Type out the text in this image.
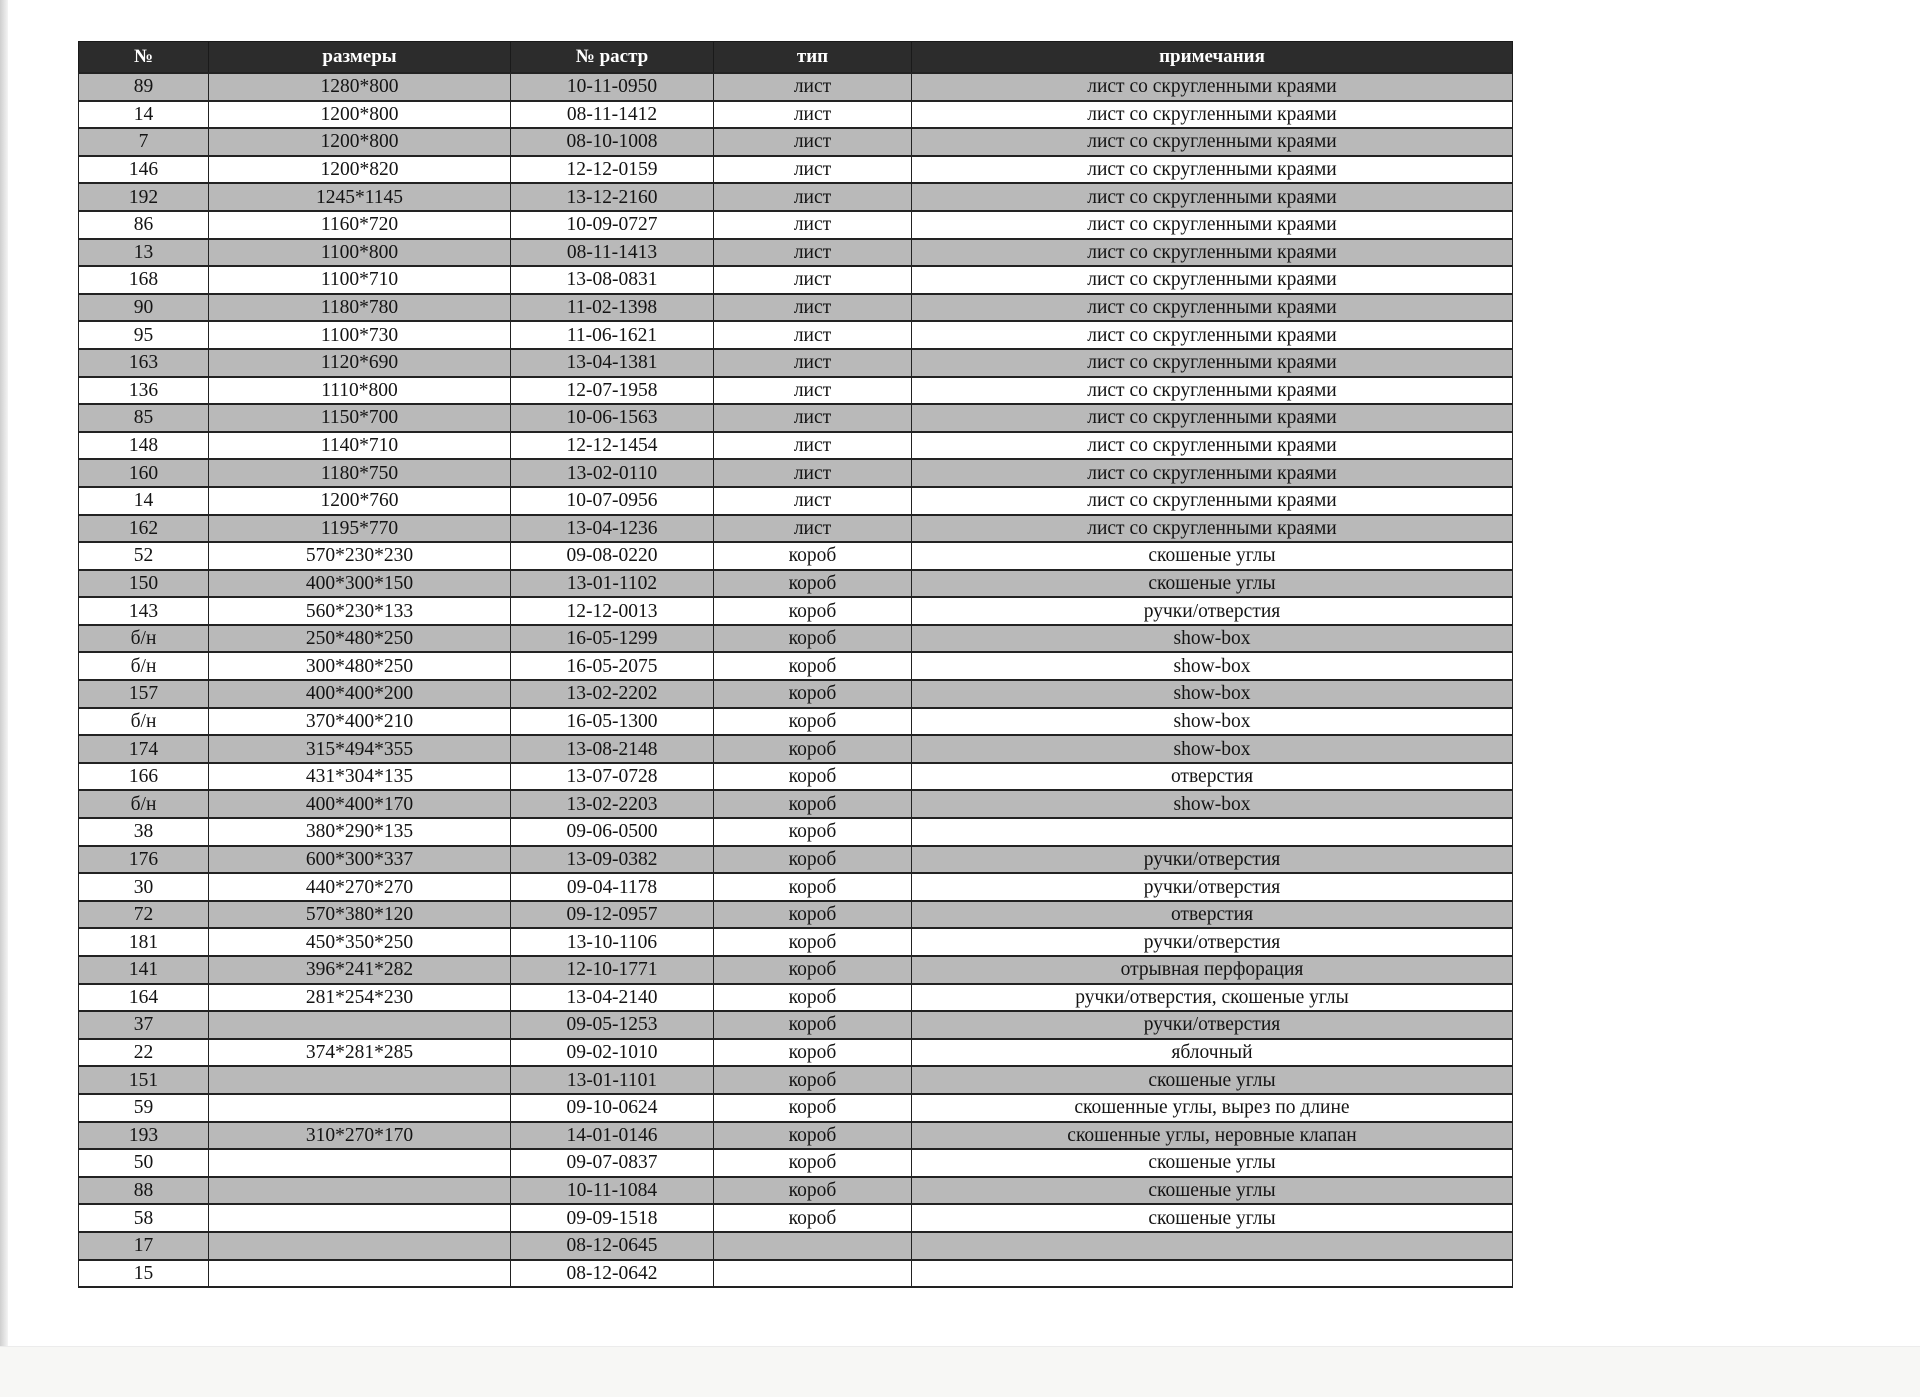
№	размеры	№ растр	тип	примечания
89	1280*800	10-11-0950	лист	лист со скругленными краями
14	1200*800	08-11-1412	лист	лист со скругленными краями
7	1200*800	08-10-1008	лист	лист со скругленными краями
146	1200*820	12-12-0159	лист	лист со скругленными краями
192	1245*1145	13-12-2160	лист	лист со скругленными краями
86	1160*720	10-09-0727	лист	лист со скругленными краями
13	1100*800	08-11-1413	лист	лист со скругленными краями
168	1100*710	13-08-0831	лист	лист со скругленными краями
90	1180*780	11-02-1398	лист	лист со скругленными краями
95	1100*730	11-06-1621	лист	лист со скругленными краями
163	1120*690	13-04-1381	лист	лист со скругленными краями
136	1110*800	12-07-1958	лист	лист со скругленными краями
85	1150*700	10-06-1563	лист	лист со скругленными краями
148	1140*710	12-12-1454	лист	лист со скругленными краями
160	1180*750	13-02-0110	лист	лист со скругленными краями
14	1200*760	10-07-0956	лист	лист со скругленными краями
162	1195*770	13-04-1236	лист	лист со скругленными краями
52	570*230*230	09-08-0220	короб	скошеные углы
150	400*300*150	13-01-1102	короб	скошеные углы
143	560*230*133	12-12-0013	короб	ручки/отверстия
б/н	250*480*250	16-05-1299	короб	show-box
б/н	300*480*250	16-05-2075	короб	show-box
157	400*400*200	13-02-2202	короб	show-box
б/н	370*400*210	16-05-1300	короб	show-box
174	315*494*355	13-08-2148	короб	show-box
166	431*304*135	13-07-0728	короб	отверстия
б/н	400*400*170	13-02-2203	короб	show-box
38	380*290*135	09-06-0500	короб	
176	600*300*337	13-09-0382	короб	ручки/отверстия
30	440*270*270	09-04-1178	короб	ручки/отверстия
72	570*380*120	09-12-0957	короб	отверстия
181	450*350*250	13-10-1106	короб	ручки/отверстия
141	396*241*282	12-10-1771	короб	отрывная перфорация
164	281*254*230	13-04-2140	короб	ручки/отверстия, скошеные углы
37		09-05-1253	короб	ручки/отверстия
22	374*281*285	09-02-1010	короб	яблочный
151		13-01-1101	короб	скошеные углы
59		09-10-0624	короб	скошенные углы, вырез по длине
193	310*270*170	14-01-0146	короб	скошенные углы, неровные клапан
50		09-07-0837	короб	скошеные углы
88		10-11-1084	короб	скошеные углы
58		09-09-1518	короб	скошеные углы
17		08-12-0645		
15		08-12-0642		
